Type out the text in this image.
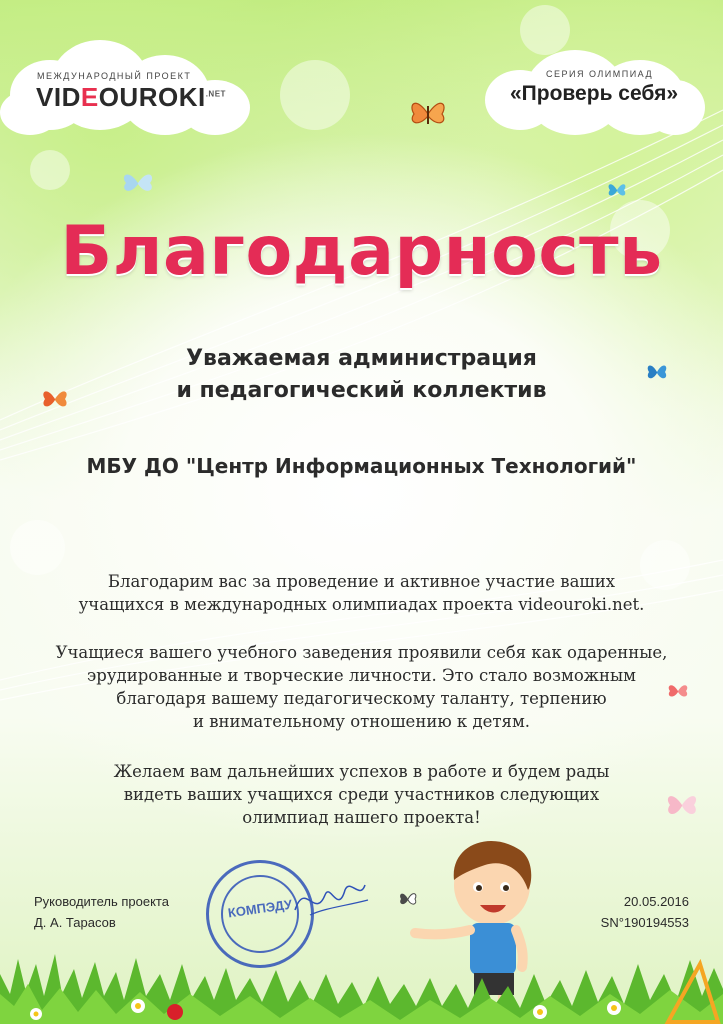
МЕЖДУНАРОДНЫЙ ПРОЕКТ
$VIDEOUROKI^{.NET}$
СЕРИЯ ОЛИМПИАД
«Проверь себя»
Благодарность
Уважаемая администрация
и педагогический коллектив
МБУ ДО "Центр Информационных Технологий"
Благодарим вас за проведение и активное участие ваших
учащихся в международных олимпиадах проекта videouroki.net.
Учащиеся вашего учебного заведения проявили себя как одаренные,
эрудированные и творческие личности. Это стало возможным
благодаря вашему педагогическому таланту, терпению
и внимательному отношению к детям.
Желаем вам дальнейших успехов в работе и будем рады
видеть ваших учащихся среди участников следующих
олимпиад нашего проекта!
Руководитель проекта
Д. А. Тарасов
КОМПЭДУ	20.05.2016
SN°190194553
